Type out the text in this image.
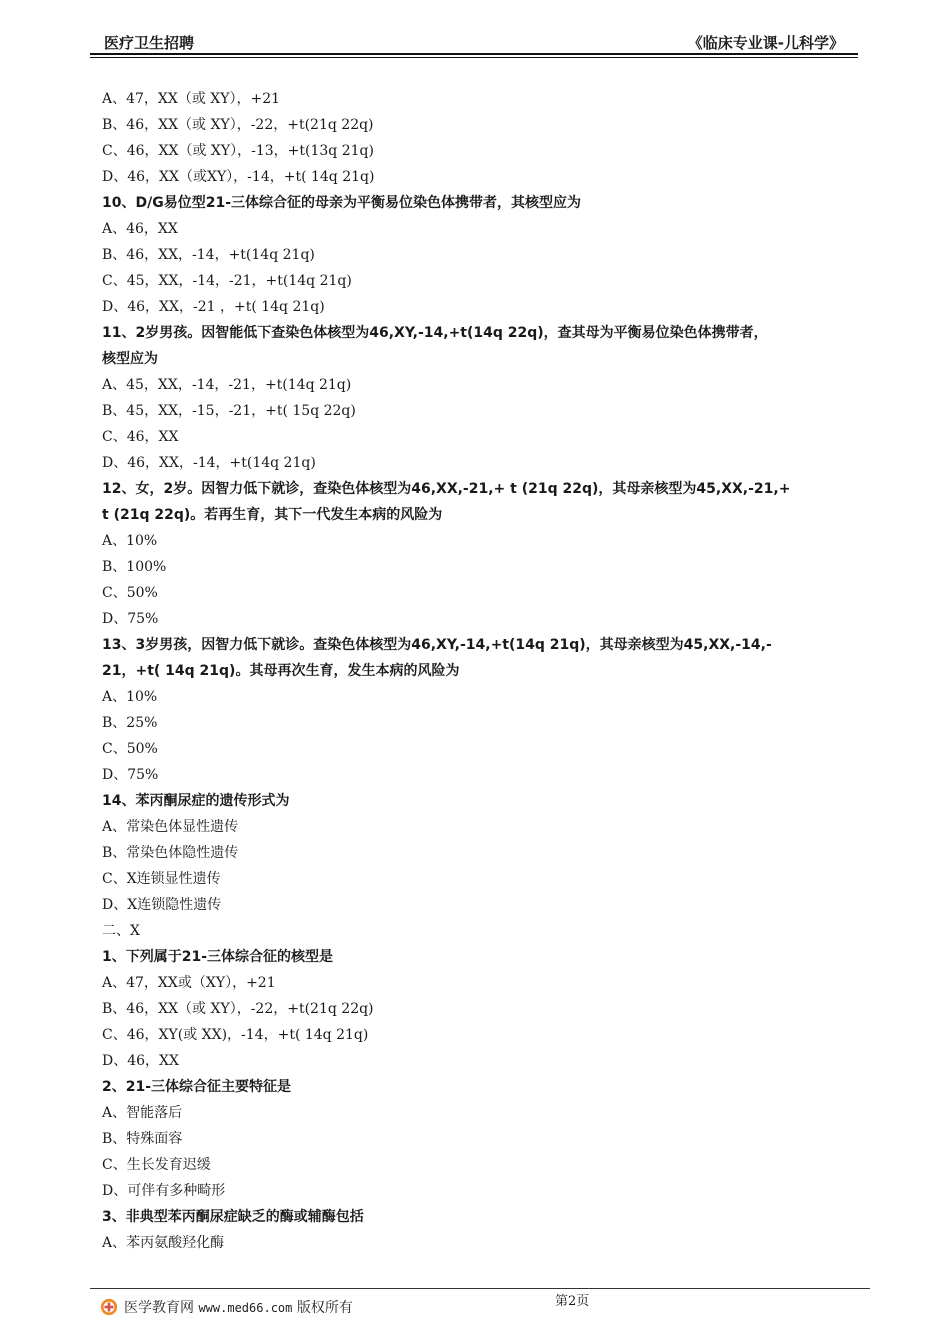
医疗卫生招聘	《临床专业课-儿科学》
A、47，XX（或 XY），+21
B、46，XX（或 XY），-22，+t(21q 22q)
C、46，XX（或 XY），-13，+t(13q 21q)
D、46，XX（或XY），-14，+t( 14q 21q)
10、D/G易位型21-三体综合征的母亲为平衡易位染色体携带者，其核型应为
A、46，XX
B、46，XX，-14，+t(14q 21q)
C、45，XX，-14，-21，+t(14q 21q)
D、46，XX，-21 ，+t( 14q 21q)
11、2岁男孩。因智能低下查染色体核型为46,XY,-14,+t(14q 22q)，查其母为平衡易位染色体携带者，
核型应为
A、45，XX，-14，-21，+t(14q 21q)
B、45，XX，-15，-21，+t( 15q 22q)
C、46，XX
D、46，XX，-14，+t(14q 21q)
12、女，2岁。因智力低下就诊，查染色体核型为46,XX,-21,+ t (21q 22q)，其母亲核型为45,XX,-21,+
t (21q 22q)。若再生育，其下一代发生本病的风险为
A、10%
B、100%
C、50%
D、75%
13、3岁男孩，因智力低下就诊。查染色体核型为46,XY,-14,+t(14q 21q)，其母亲核型为45,XX,-14,-
21，+t( 14q 21q)。其母再次生育，发生本病的风险为
A、10%
B、25%
C、50%
D、75%
14、苯丙酮尿症的遗传形式为
A、常染色体显性遗传
B、常染色体隐性遗传
C、X连锁显性遗传
D、X连锁隐性遗传
二、X
1、下列属于21-三体综合征的核型是
A、47，XX或（XY），+21
B、46，XX（或 XY），-22，+t(21q 22q)
C、46，XY(或 XX)，-14，+t( 14q 21q)
D、46，XX
2、21-三体综合征主要特征是
A、智能落后
B、特殊面容
C、生长发育迟缓
D、可伴有多种畸形
3、非典型苯丙酮尿症缺乏的酶或辅酶包括
A、苯丙氨酸羟化酶
第2页
医学教育网 www.med66.com 版权所有
